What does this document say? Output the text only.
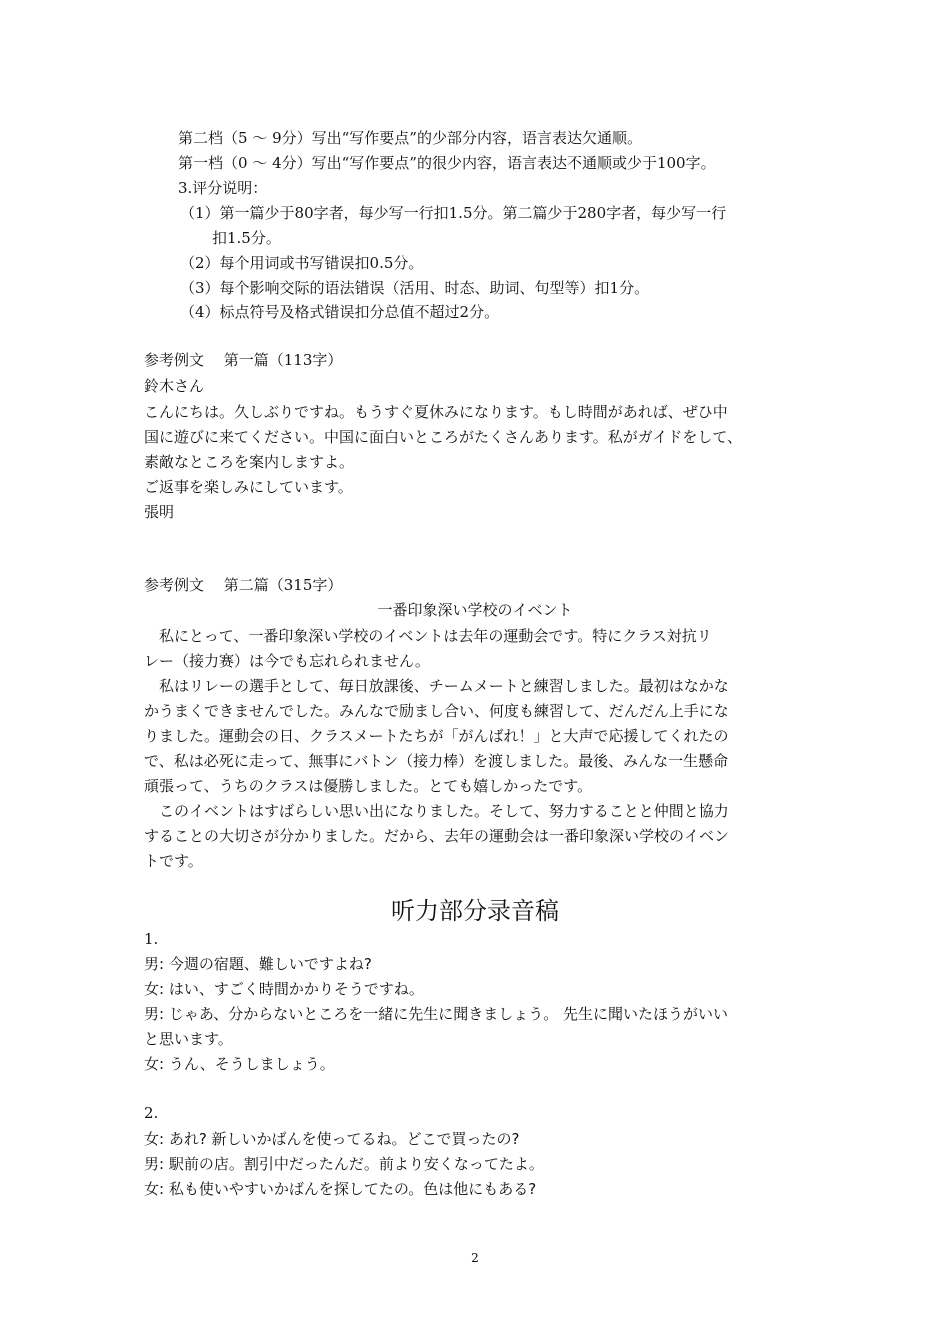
第二档（5 ～ 9分）写出“写作要点”的少部分内容，语言表达欠通顺。
第一档（0 ～ 4分）写出“写作要点”的很少内容，语言表达不通顺或少于100字。
3.评分说明：
（1）第一篇少于80字者，每少写一行扣1.5分。第二篇少于280字者，每少写一行
扣1.5分。
（2）每个用词或书写错误扣0.5分。
（3）每个影响交际的语法错误（活用、时态、助词、句型等）扣1分。
（4）标点符号及格式错误扣分总值不超过2分。
参考例文　 第一篇（113字）
鈴木さん
こんにちは。久しぶりですね。もうすぐ夏休みになります。もし時間があれば、ぜひ中
国に遊びに来てください。中国に面白いところがたくさんあります。私がガイドをして、
素敵なところを案内しますよ。
ご返事を楽しみにしています。
張明
参考例文　 第二篇（315字）
一番印象深い学校のイベント
　私にとって、一番印象深い学校のイベントは去年の運動会です。特にクラス対抗リ
レー（接力赛）は今でも忘れられません。
　私はリレーの選手として、毎日放課後、チームメートと練習しました。最初はなかな
かうまくできませんでした。みんなで励まし合い、何度も練習して、だんだん上手にな
りました。運動会の日、クラスメートたちが「がんばれ！」と大声で応援してくれたの
で、私は必死に走って、無事にバトン（接力棒）を渡しました。最後、みんな一生懸命
頑張って、うちのクラスは優勝しました。とても嬉しかったです。
　このイベントはすばらしい思い出になりました。そして、努力することと仲間と協力
することの大切さが分かりました。だから、去年の運動会は一番印象深い学校のイベン
トです。
听力部分录音稿
1.
男: 今週の宿題、難しいですよね?
女: はい、すごく時間かかりそうですね。
男: じゃあ、分からないところを一緒に先生に聞きましょう。 先生に聞いたほうがいい
と思います。
女: うん、そうしましょう。
2.
女: あれ? 新しいかばんを使ってるね。どこで買ったの?
男: 駅前の店。割引中だったんだ。前より安くなってたよ。
女: 私も使いやすいかばんを探してたの。色は他にもある?
2
